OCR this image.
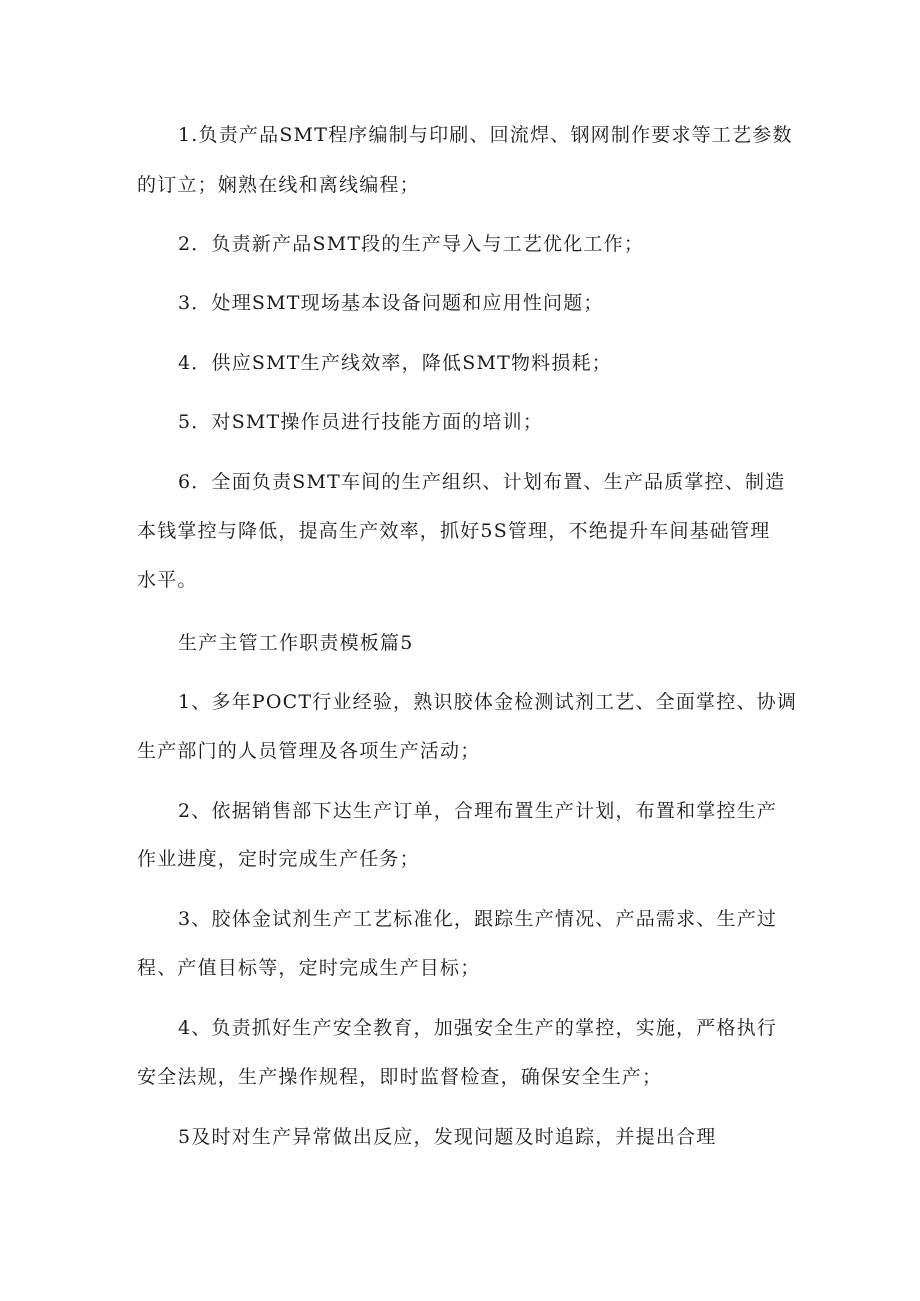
1.负责产品SMT程序编制与印刷、回流焊、钢网制作要求等工艺参数
的订立；娴熟在线和离线编程；
2．负责新产品SMT段的生产导入与工艺优化工作；
3．处理SMT现场基本设备问题和应用性问题；
4．供应SMT生产线效率，降低SMT物料损耗；
5．对SMT操作员进行技能方面的培训；
6．全面负责SMT车间的生产组织、计划布置、生产品质掌控、制造
本钱掌控与降低，提高生产效率，抓好5S管理，不绝提升车间基础管理
水平。
生产主管工作职责模板篇5
1、多年POCT行业经验，熟识胶体金检测试剂工艺、全面掌控、协调
生产部门的人员管理及各项生产活动；
2、依据销售部下达生产订单，合理布置生产计划，布置和掌控生产
作业进度，定时完成生产任务；
3、胶体金试剂生产工艺标准化，跟踪生产情况、产品需求、生产过
程、产值目标等，定时完成生产目标；
4、负责抓好生产安全教育，加强安全生产的掌控，实施，严格执行
安全法规，生产操作规程，即时监督检查，确保安全生产；
5及时对生产异常做出反应，发现问题及时追踪，并提出合理
